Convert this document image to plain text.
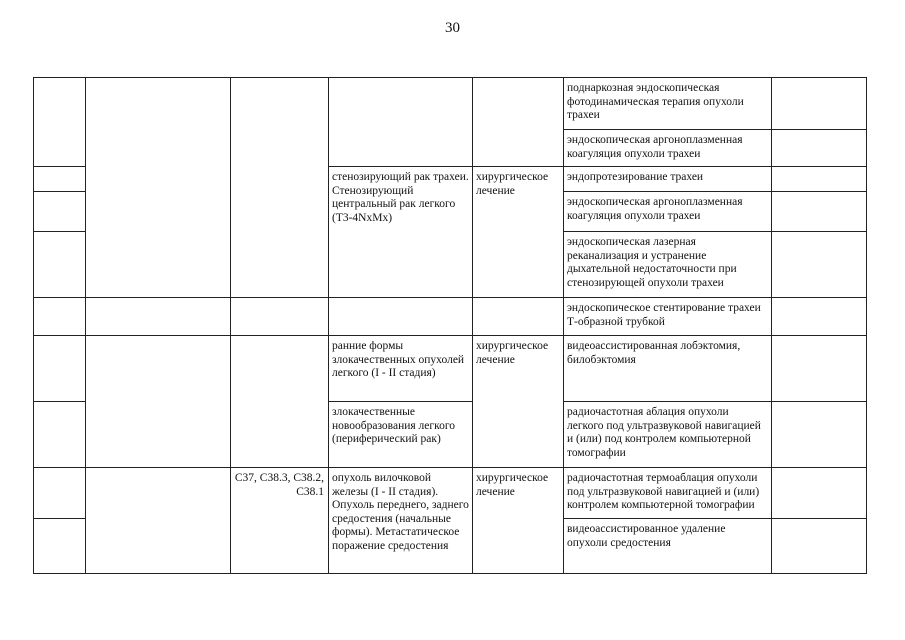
30
					поднаркозная эндоскопическая фотодинамическая терапия опухоли трахеи	
					эндоскопическая аргоноплазменная коагуляция опухоли трахеи	
			стенозирующий рак трахеи. Стенозирующий центральный рак легкого (T3-4NxMx)	хирургическое лечение	эндопротезирование трахеи	
					эндоскопическая аргоноплазменная коагуляция опухоли трахеи	
					эндоскопическая лазерная реканализация и устранение дыхательной недостаточности при стенозирующей опухоли трахеи	
					эндоскопическое стентирование трахеи Т-образной трубкой	
			ранние формы злокачественных опухолей легкого (I - II стадия)	хирургическое лечение	видеоассистированная лобэктомия, билобэктомия	
			злокачественные новообразования легкого (периферический рак)		радиочастотная аблация опухоли легкого под ультразвуковой навигацией и (или) под контролем компьютерной томографии	
		C37, C38.3, C38.2, C38.1	опухоль вилочковой железы (I - II стадия). Опухоль переднего, заднего средостения (начальные формы). Метастатическое поражение средостения	хирургическое лечение	радиочастотная термоаблация опухоли под ультразвуковой навигацией и (или) контролем компьютерной томографии	
					видеоассистированное удаление опухоли средостения	
